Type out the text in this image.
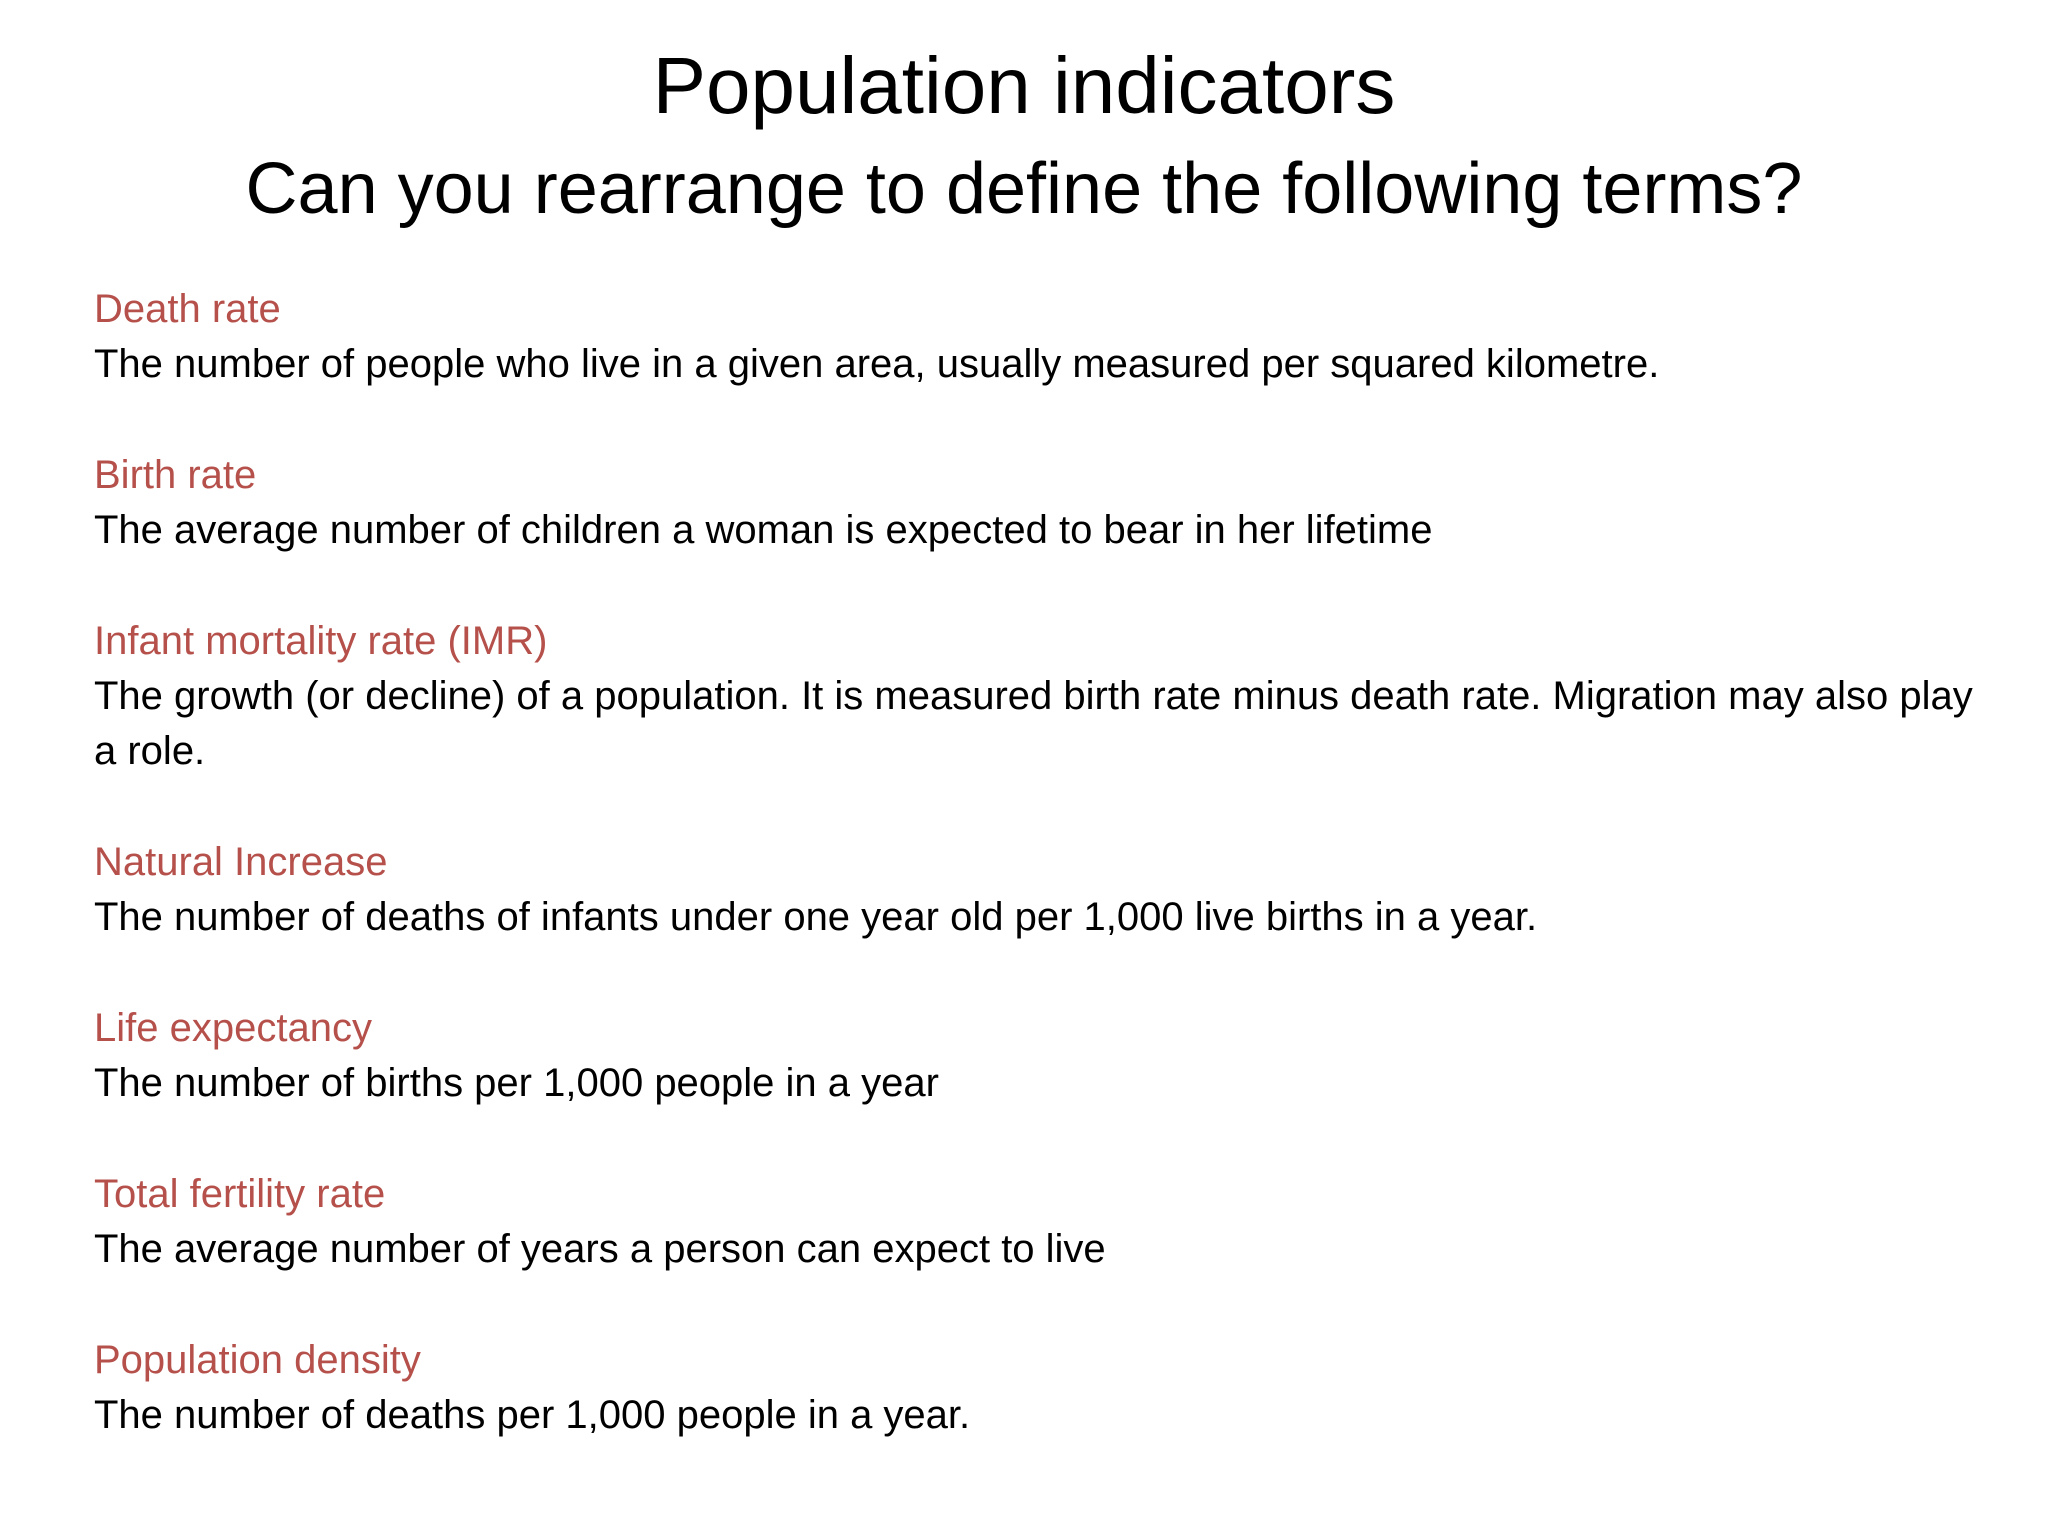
Population indicators
Can you rearrange to define the following terms?

Death rate

The number of people who live in a given area, usually measured per squared kilometre.

Birth rate

The average number of children a woman is expected to bear in her lifetime

Infant mortality rate (IMR)

The growth (or decline) of a population. It is measured birth rate minus death rate. Migration may also play a role.

Natural Increase

The number of deaths of infants under one year old per 1,000 live births in a year.

Life expectancy

The number of births per 1,000 people in a year

Total fertility rate

The average number of years a person can expect to live

Population density

The number of deaths per 1,000 people in a year.
